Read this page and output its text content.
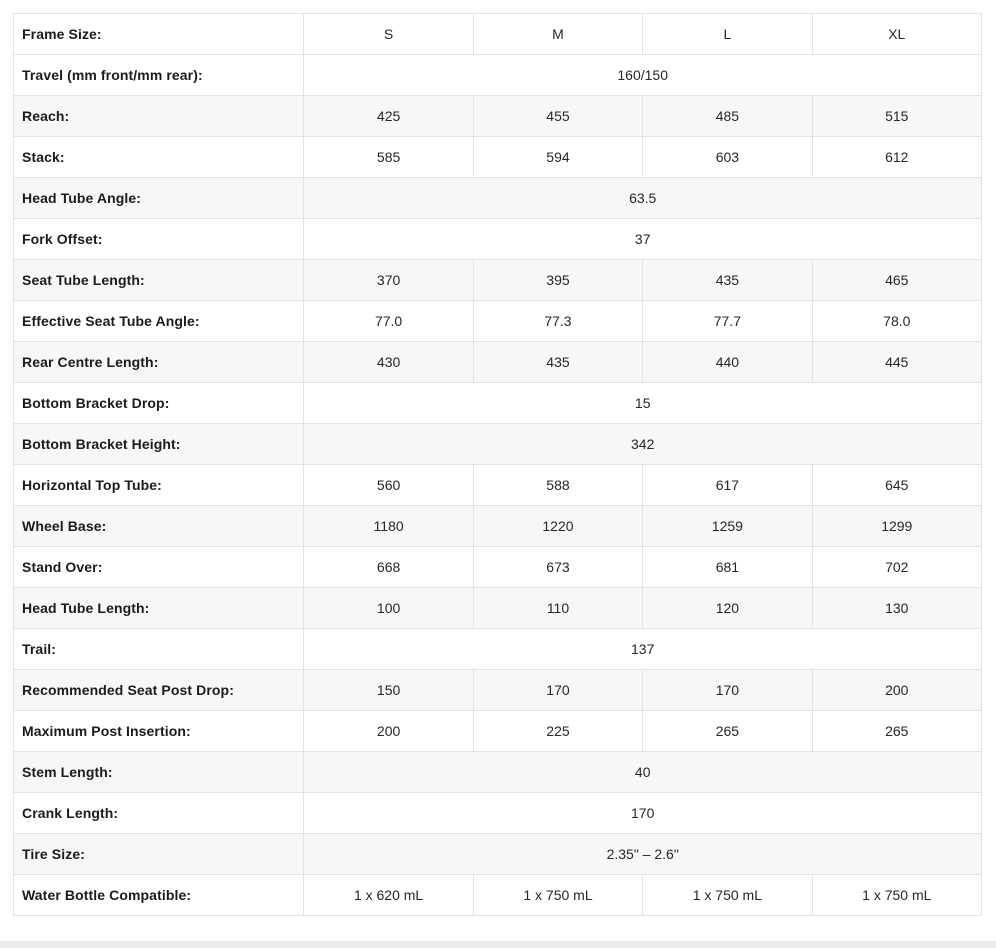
Frame Size:	S	M	L	XL
Travel (mm front/mm rear):	160/150			
Reach:	425	455	485	515
Stack:	585	594	603	612
Head Tube Angle:	63.5			
Fork Offset:	37			
Seat Tube Length:	370	395	435	465
Effective Seat Tube Angle:	77.0	77.3	77.7	78.0
Rear Centre Length:	430	435	440	445
Bottom Bracket Drop:	15			
Bottom Bracket Height:	342			
Horizontal Top Tube:	560	588	617	645
Wheel Base:	1180	1220	1259	1299
Stand Over:	668	673	681	702
Head Tube Length:	100	110	120	130
Trail:	137			
Recommended Seat Post Drop:	150	170	170	200
Maximum Post Insertion:	200	225	265	265
Stem Length:	40			
Crank Length:	170			
Tire Size:	2.35" – 2.6"			
Water Bottle Compatible:	1 x 620 mL	1 x 750 mL	1 x 750 mL	1 x 750 mL
